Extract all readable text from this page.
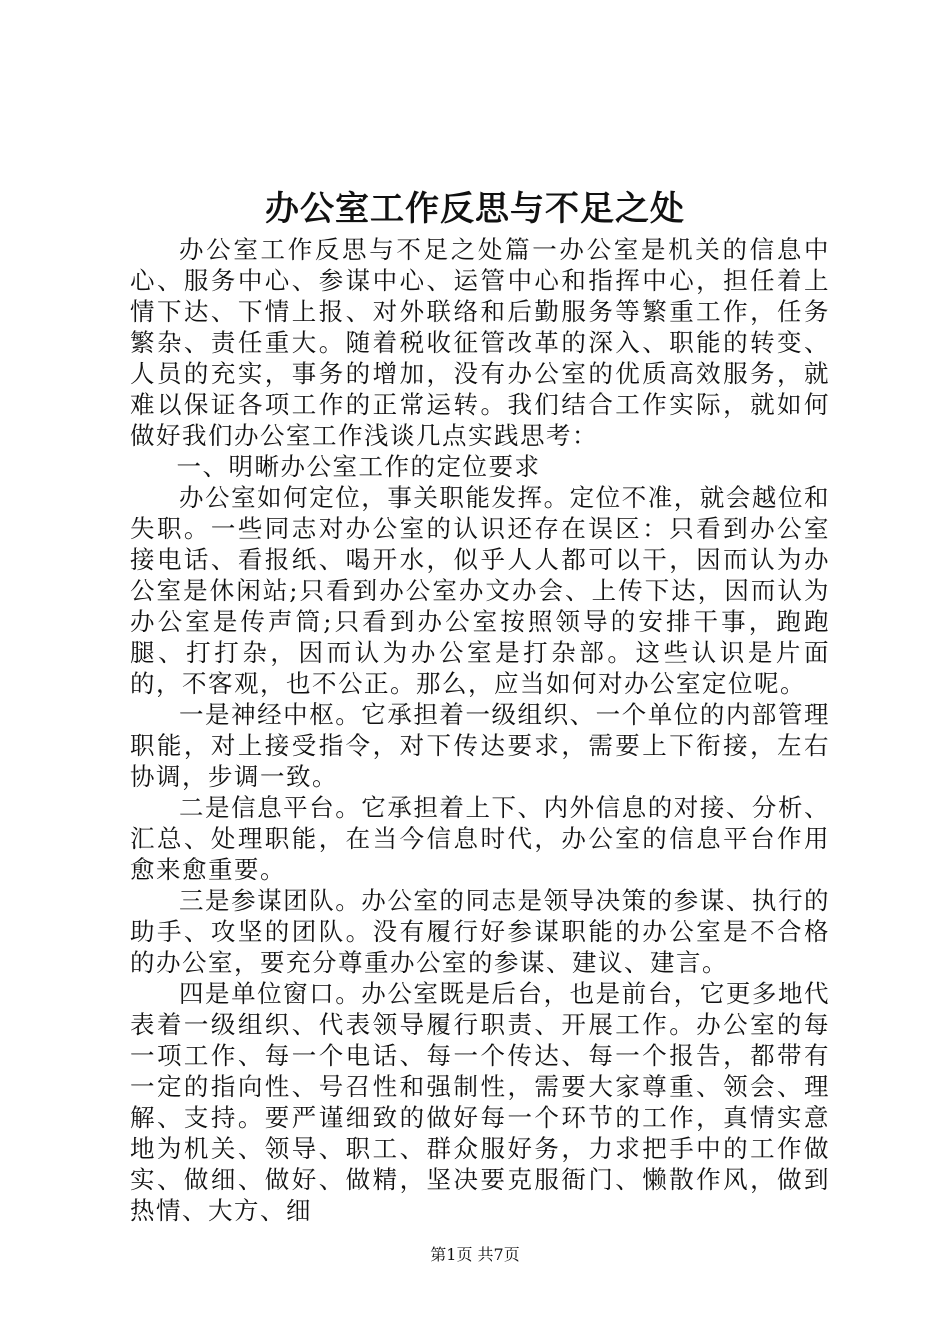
办公室工作反思与不足之处

办公室工作反思与不足之处篇一办公室是机关的信息中心、服务中心、参谋中心、运管中心和指挥中心，担任着上情下达、下情上报、对外联络和后勤服务等繁重工作，任务繁杂、责任重大。随着税收征管改革的深入、职能的转变、人员的充实，事务的增加，没有办公室的优质高效服务，就难以保证各项工作的正常运转。我们结合工作实际，就如何做好我们办公室工作浅谈几点实践思考：

一、明晰办公室工作的定位要求

办公室如何定位，事关职能发挥。定位不准，就会越位和失职。一些同志对办公室的认识还存在误区：只看到办公室接电话、看报纸、喝开水，似乎人人都可以干，因而认为办公室是休闲站;只看到办公室办文办会、上传下达，因而认为办公室是传声筒;只看到办公室按照领导的安排干事，跑跑腿、打打杂，因而认为办公室是打杂部。这些认识是片面的，不客观，也不公正。那么，应当如何对办公室定位呢。

一是神经中枢。它承担着一级组织、一个单位的内部管理职能，对上接受指令，对下传达要求，需要上下衔接，左右协调，步调一致。

二是信息平台。它承担着上下、内外信息的对接、分析、汇总、处理职能，在当今信息时代，办公室的信息平台作用愈来愈重要。

三是参谋团队。办公室的同志是领导决策的参谋、执行的助手、攻坚的团队。没有履行好参谋职能的办公室是不合格的办公室，要充分尊重办公室的参谋、建议、建言。

四是单位窗口。办公室既是后台，也是前台，它更多地代表着一级组织、代表领导履行职责、开展工作。办公室的每一项工作、每一个电话、每一个传达、每一个报告，都带有一定的指向性、号召性和强制性，需要大家尊重、领会、理解、支持。要严谨细致的做好每一个环节的工作，真情实意地为机关、领导、职工、群众服好务，力求把手中的工作做实、做细、做好、做精，坚决要克服衙门、懒散作风，做到热情、大方、细

第1页 共7页
